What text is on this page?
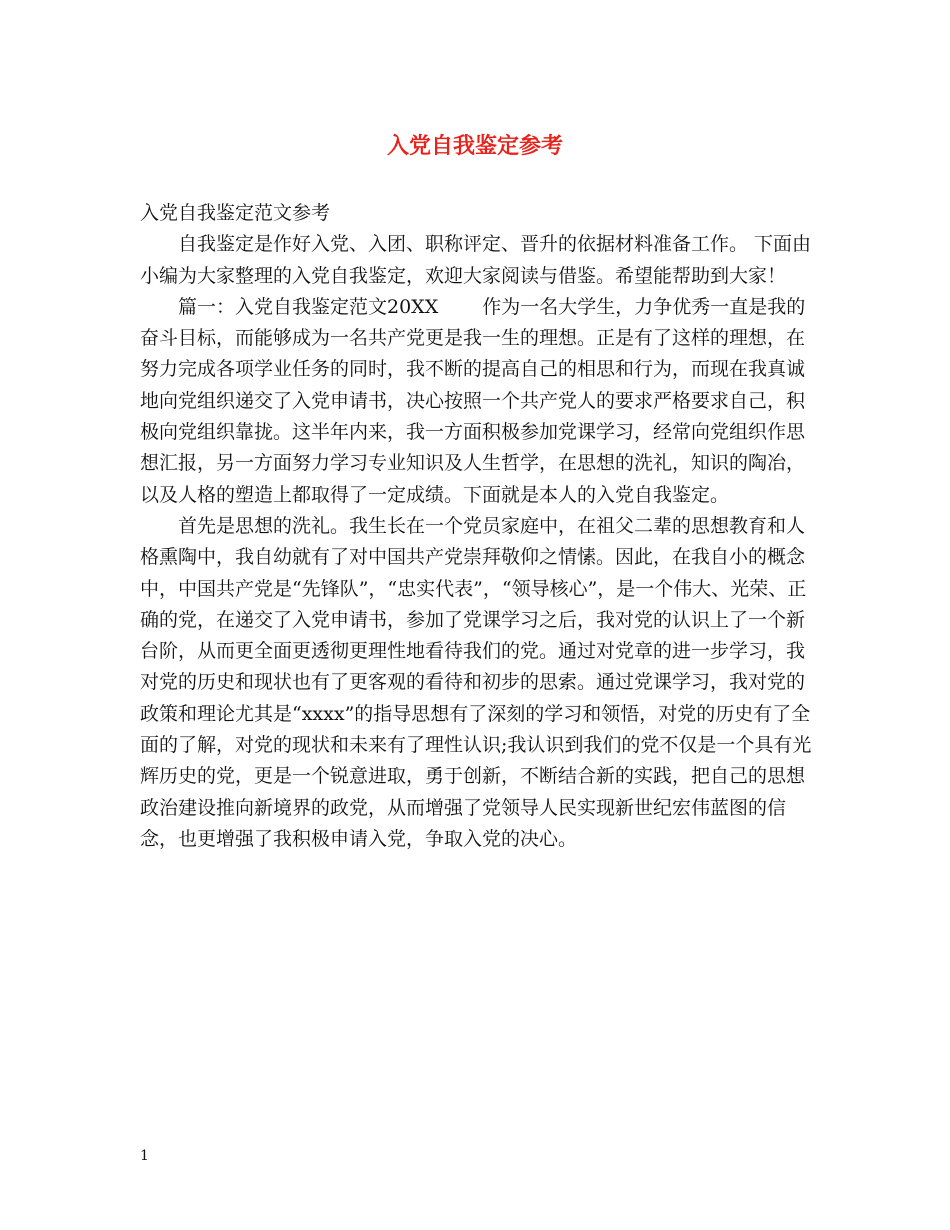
入党自我鉴定参考

入党自我鉴定范文参考

自我鉴定是作好入党、入团、职称评定、晋升的依据材料准备工作。 下面由小编为大家整理的入党自我鉴定，欢迎大家阅读与借鉴。希望能帮助到大家！

篇一：入党自我鉴定范文20XX　　 作为一名大学生，力争优秀一直是我的奋斗目标，而能够成为一名共产党更是我一生的理想。正是有了这样的理想，在努力完成各项学业任务的同时，我不断的提高自己的相思和行为，而现在我真诚地向党组织递交了入党申请书，决心按照一个共产党人的要求严格要求自己，积极向党组织靠拢。这半年内来，我一方面积极参加党课学习，经常向党组织作思想汇报，另一方面努力学习专业知识及人生哲学，在思想的洗礼，知识的陶冶，以及人格的塑造上都取得了一定成绩。下面就是本人的入党自我鉴定。

首先是思想的洗礼。我生长在一个党员家庭中，在祖父二辈的思想教育和人格熏陶中，我自幼就有了对中国共产党崇拜敬仰之情愫。因此，在我自小的概念中，中国共产党是“先锋队”，“忠实代表”，“领导核心”，是一个伟大、光荣、正确的党，在递交了入党申请书，参加了党课学习之后，我对党的认识上了一个新台阶，从而更全面更透彻更理性地看待我们的党。通过对党章的进一步学习，我对党的历史和现状也有了更客观的看待和初步的思索。通过党课学习，我对党的政策和理论尤其是“xxxx”的指导思想有了深刻的学习和领悟，对党的历史有了全面的了解，对党的现状和未来有了理性认识;我认识到我们的党不仅是一个具有光辉历史的党，更是一个锐意进取，勇于创新，不断结合新的实践，把自己的思想政治建设推向新境界的政党，从而增强了党领导人民实现新世纪宏伟蓝图的信念，也更增强了我积极申请入党，争取入党的决心。

1
